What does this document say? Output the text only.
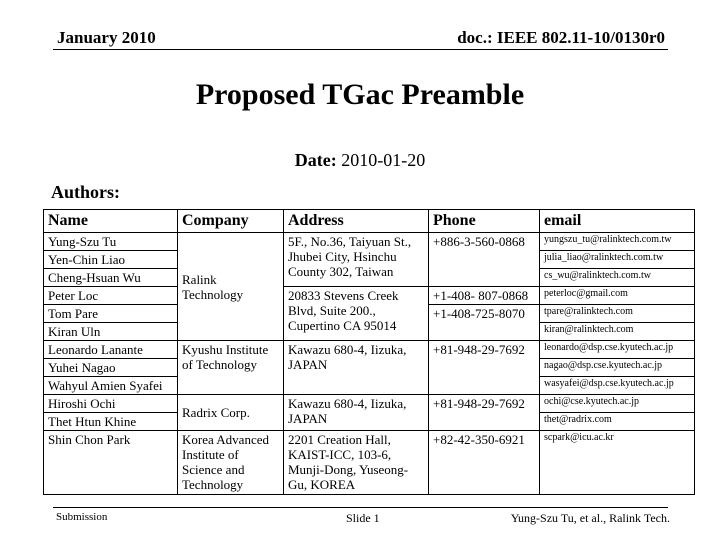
January 2010	doc.: IEEE 802.11-10/0130r0
Proposed TGac Preamble
Date: 2010-01-20
Authors:
Name	Company	Address	Phone	email
Yung-Szu Tu	Ralink Technology	5F., No.36, Taiyuan St., Jhubei City, Hsinchu County 302, Taiwan	+886-3-560-0868	yungszu_tu@ralinktech.com.tw
Yen-Chin Liao				julia_liao@ralinktech.com.tw
Cheng-Hsuan Wu				cs_wu@ralinktech.com.tw
Peter Loc		20833 Stevens Creek Blvd, Suite 200., Cupertino CA 95014	+1-408- 807-0868	peterloc@gmail.com
Tom Pare			+1-408-725-8070	tpare@ralinktech.com
Kiran Uln				kiran@ralinktech.com
Leonardo Lanante	Kyushu Institute of Technology	Kawazu 680-4, Iizuka, JAPAN	+81-948-29-7692	leonardo@dsp.cse.kyutech.ac.jp
Yuhei Nagao				nagao@dsp.cse.kyutech.ac.jp
Wahyul Amien Syafei				wasyafei@dsp.cse.kyutech.ac.jp
Hiroshi Ochi	Radrix Corp.	Kawazu 680-4, Iizuka, JAPAN	+81-948-29-7692	ochi@cse.kyutech.ac.jp
Thet Htun Khine				thet@radrix.com
Shin Chon Park	Korea Advanced Institute of Science and Technology	2201 Creation Hall, KAIST-ICC, 103-6, Munji-Dong, Yuseong-Gu, KOREA	+82-42-350-6921	scpark@icu.ac.kr
Submission	Slide 1	Yung-Szu Tu, et al., Ralink Tech.
